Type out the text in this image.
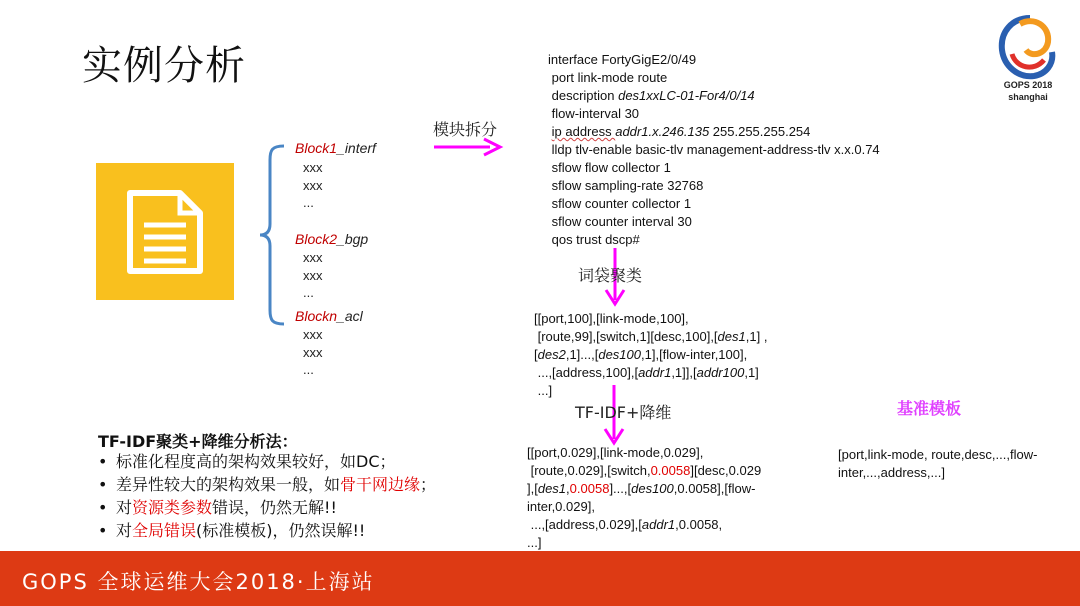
实例分析	GOPS 2018
shanghai
Block1_interf
xxx
xxx
...
Block2_bgp
xxx
xxx
...
Blockn_acl
xxx
xxx
...
模块拆分
interface FortyGigE2/0/49
port link-mode route
description des1xxLC-01-For4/0/14
flow-interval 30
ip address addr1.x.246.135 255.255.255.254
lldp tlv-enable basic-tlv management-address-tlv x.x.0.74
sflow flow collector 1
sflow sampling-rate 32768
sflow counter collector 1
sflow counter interval 30
qos trust dscp#
词袋聚类
[[port,100],[link-mode,100],
[route,99],[switch,1][desc,100],[des1,1] ,
[des2,1]...,[des100,1],[flow-inter,100],
...,[address,100],[addr1,1]],[addr100,1]
...]
TF-IDF+降维
[[port,0.029],[link-mode,0.029],
[route,0.029],[switch,0.0058][desc,0.029
],[des1,0.0058]...,[des100,0.0058],[flow-
inter,0.029],
...,[address,0.029],[addr1,0.0058,
...]
基准模板
[port,link-mode, route,desc,...,flow-
inter,...,address,...]
TF-IDF聚类+降维分析法：
• 标准化程度高的架构效果较好，如DC；
• 差异性较大的架构效果一般，如骨干网边缘；
• 对资源类参数错误，仍然无解!!
• 对全局错误(标准模板)，仍然误解!!
GOPS 全球运维大会2018·上海站
